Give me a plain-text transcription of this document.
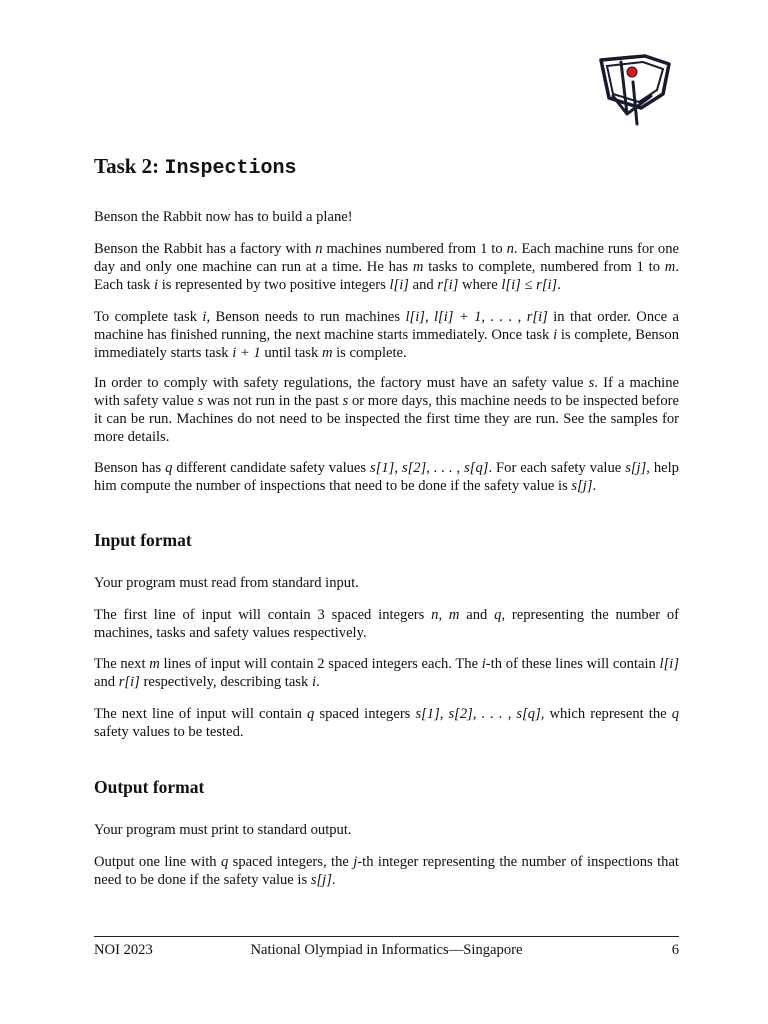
Task 2: Inspections

Benson the Rabbit now has to build a plane!

Benson the Rabbit has a factory with n machines numbered from 1 to n. Each machine runs for one day and only one machine can run at a time. He has m tasks to complete, numbered from 1 to m. Each task i is represented by two positive integers l[i] and r[i] where l[i] ≤ r[i].

To complete task i, Benson needs to run machines l[i], l[i] + 1, . . . , r[i] in that order. Once a machine has finished running, the next machine starts immediately. Once task i is complete, Benson immediately starts task i + 1 until task m is complete.

In order to comply with safety regulations, the factory must have an safety value s. If a machine with safety value s was not run in the past s or more days, this machine needs to be inspected before it can be run. Machines do not need to be inspected the first time they are run. See the samples for more details.

Benson has q different candidate safety values s[1], s[2], . . . , s[q]. For each safety value s[j], help him compute the number of inspections that need to be done if the safety value is s[j].

Input format

Your program must read from standard input.

The first line of input will contain 3 spaced integers n, m and q, representing the number of machines, tasks and safety values respectively.

The next m lines of input will contain 2 spaced integers each. The i-th of these lines will contain l[i] and r[i] respectively, describing task i.

The next line of input will contain q spaced integers s[1], s[2], . . . , s[q], which represent the q safety values to be tested.

Output format

Your program must print to standard output.

Output one line with q spaced integers, the j-th integer representing the number of inspections that need to be done if the safety value is s[j].

NOI 2023	National Olympiad in Informatics—Singapore	6
